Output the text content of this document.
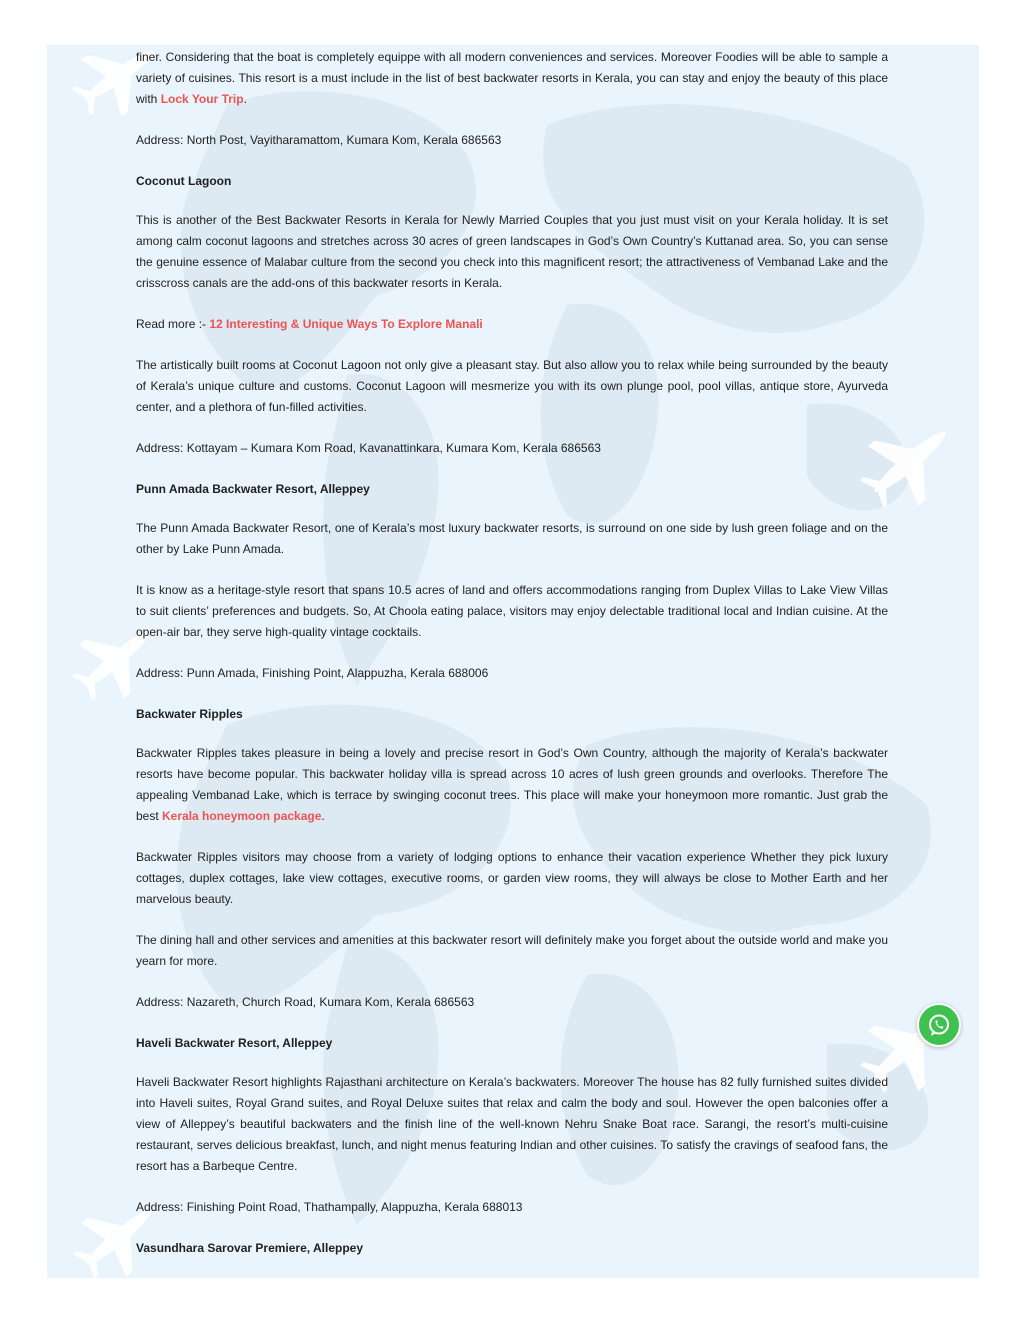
finer. Considering that the boat is completely equippe with all modern conveniences and services. Moreover Foodies will be able to sample a variety of cuisines. This resort is a must include in the list of best backwater resorts in Kerala, you can stay and enjoy the beauty of this place with Lock Your Trip.

Address: North Post, Vayitharamattom, Kumara Kom, Kerala 686563

Coconut Lagoon

This is another of the Best Backwater Resorts in Kerala for Newly Married Couples that you just must visit on your Kerala holiday. It is set among calm coconut lagoons and stretches across 30 acres of green landscapes in God’s Own Country’s Kuttanad area. So, you can sense the genuine essence of Malabar culture from the second you check into this magnificent resort; the attractiveness of Vembanad Lake and the crisscross canals are the add-ons of this backwater resorts in Kerala.

Read more :- 12 Interesting & Unique Ways To Explore Manali

The artistically built rooms at Coconut Lagoon not only give a pleasant stay. But also allow you to relax while being surrounded by the beauty of Kerala’s unique culture and customs. Coconut Lagoon will mesmerize you with its own plunge pool, pool villas, antique store, Ayurveda center, and a plethora of fun-filled activities.

Address: Kottayam – Kumara Kom Road, Kavanattinkara, Kumara Kom, Kerala 686563

Punn Amada Backwater Resort, Alleppey

The Punn Amada Backwater Resort, one of Kerala’s most luxury backwater resorts, is surround on one side by lush green foliage and on the other by Lake Punn Amada.

It is know as a heritage-style resort that spans 10.5 acres of land and offers accommodations ranging from Duplex Villas to Lake View Villas to suit clients’ preferences and budgets. So, At Choola eating palace, visitors may enjoy delectable traditional local and Indian cuisine. At the open-air bar, they serve high-quality vintage cocktails.

Address: Punn Amada, Finishing Point, Alappuzha, Kerala 688006

Backwater Ripples

Backwater Ripples takes pleasure in being a lovely and precise resort in God’s Own Country, although the majority of Kerala’s backwater resorts have become popular. This backwater holiday villa is spread across 10 acres of lush green grounds and overlooks. Therefore The appealing Vembanad Lake, which is terrace by swinging coconut trees. This place will make your honeymoon more romantic. Just grab the best Kerala honeymoon package.

Backwater Ripples visitors may choose from a variety of lodging options to enhance their vacation experience Whether they pick luxury cottages, duplex cottages, lake view cottages, executive rooms, or garden view rooms, they will always be close to Mother Earth and her marvelous beauty.

The dining hall and other services and amenities at this backwater resort will definitely make you forget about the outside world and make you yearn for more.

Address: Nazareth, Church Road, Kumara Kom, Kerala 686563

Haveli Backwater Resort, Alleppey

Haveli Backwater Resort highlights Rajasthani architecture on Kerala’s backwaters. Moreover The house has 82 fully furnished suites divided into Haveli suites, Royal Grand suites, and Royal Deluxe suites that relax and calm the body and soul. However the open balconies offer a view of Alleppey’s beautiful backwaters and the finish line of the well-known Nehru Snake Boat race. Sarangi, the resort’s multi-cuisine restaurant, serves delicious breakfast, lunch, and night menus featuring Indian and other cuisines. To satisfy the cravings of seafood fans, the resort has a Barbeque Centre.

Address: Finishing Point Road, Thathampally, Alappuzha, Kerala 688013

Vasundhara Sarovar Premiere, Alleppey
